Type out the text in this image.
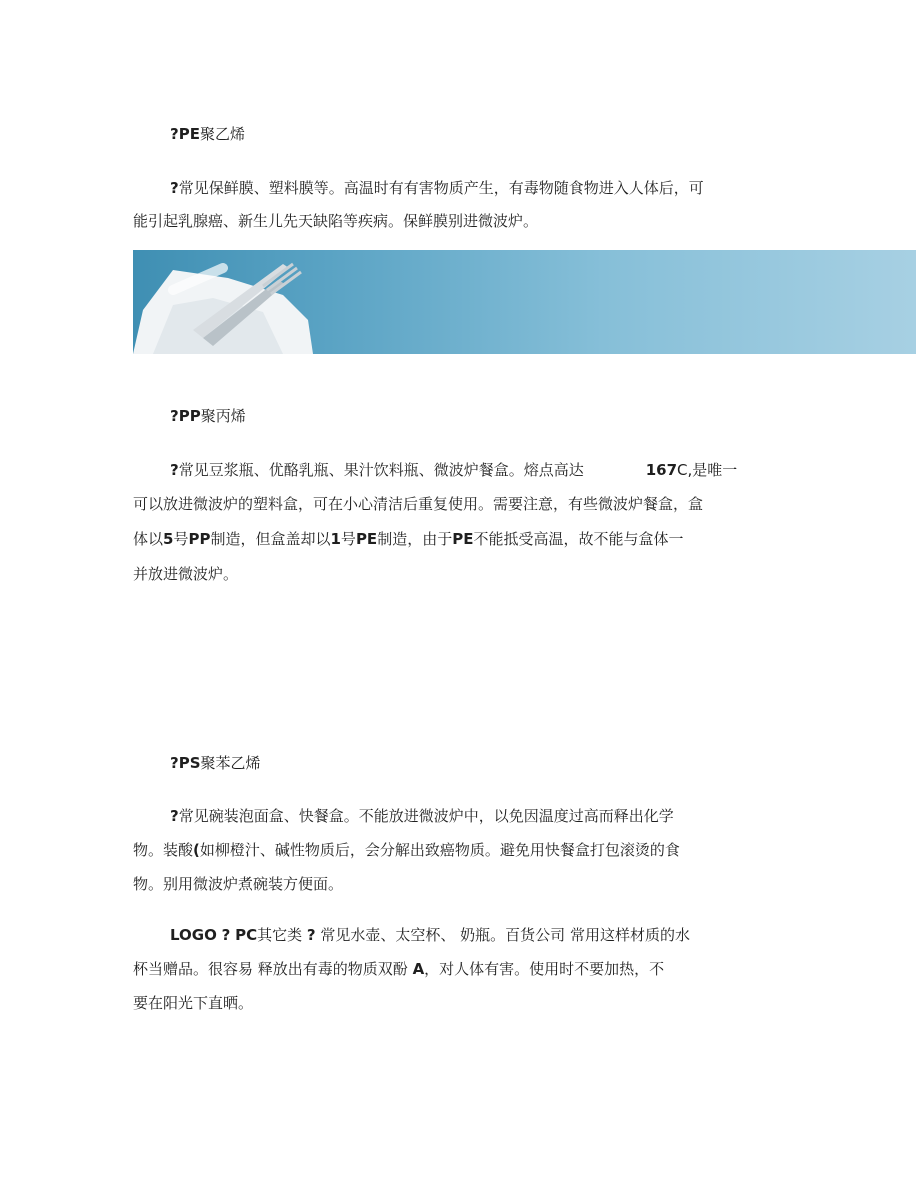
?PE聚乙烯
?常见保鲜膜、塑料膜等。高温时有有害物质产生，有毒物随食物进入人体后，可
能引起乳腺癌、新生儿先天缺陷等疾病。保鲜膜别进微波炉。
?PP聚丙烯
?常见豆浆瓶、优酪乳瓶、果汁饮料瓶、微波炉餐盒。熔点高达	167C,是唯一
可以放进微波炉的塑料盒，可在小心清洁后重复使用。需要注意，有些微波炉餐盒，盒
体以5号PP制造，但盒盖却以1号PE制造，由于PE不能抵受高温，故不能与盒体一
并放进微波炉。
?PS聚苯乙烯
?常见碗装泡面盒、快餐盒。不能放进微波炉中，以免因温度过高而释出化学
物。装酸(如柳橙汁、碱性物质后，会分解出致癌物质。避免用快餐盒打包滚烫的食
物。别用微波炉煮碗装方便面。
LOGO ? PC其它类 ? 常见水壶、太空杯、 奶瓶。百货公司 常用这样材质的水
杯当赠品。很容易 释放出有毒的物质双酚 A，对人体有害。使用时不要加热，不
要在阳光下直晒。
